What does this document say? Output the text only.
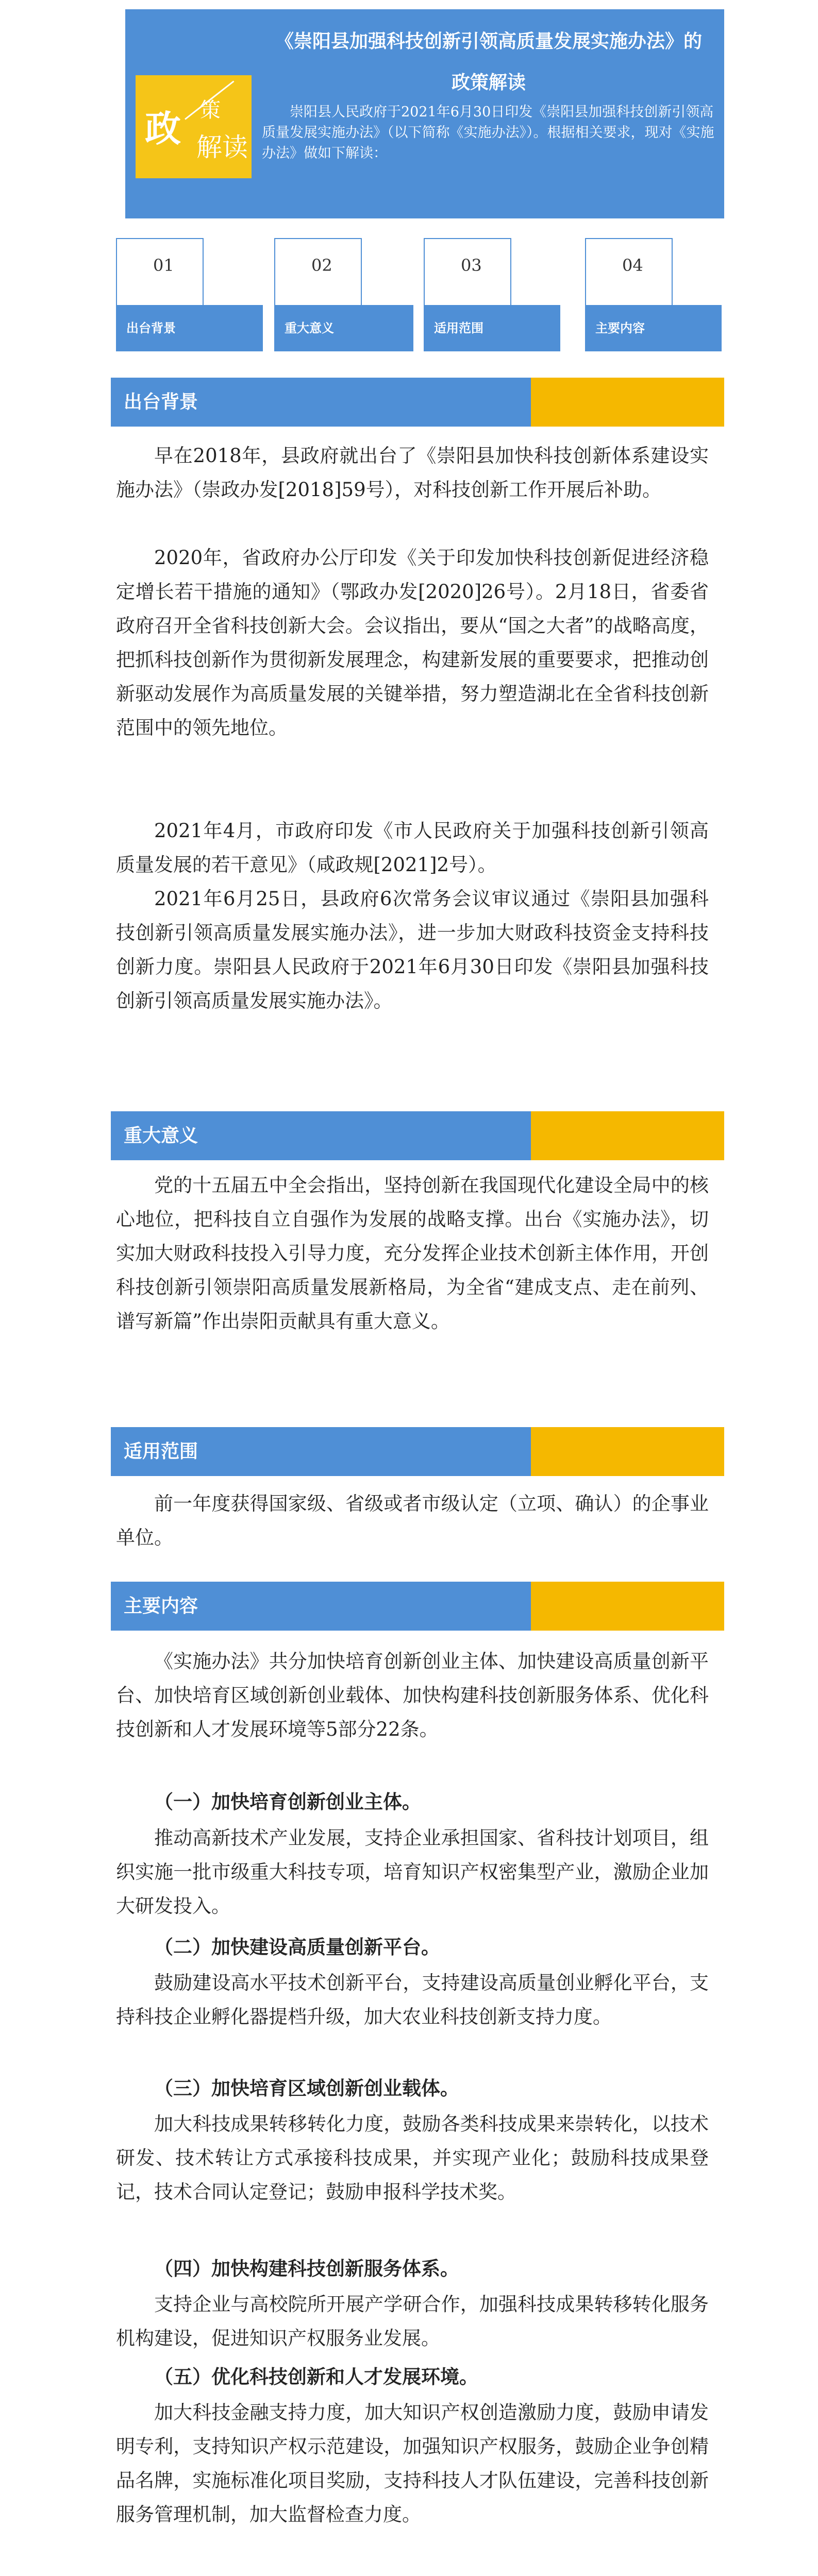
政 策
解读
《崇阳县加强科技创新引领高质量发展实施办法》的
政策解读
崇阳县人民政府于2021年6月30日印发《崇阳县加强科技创新引领高质量发展实施办法》（以下简称《实施办法》）。根据相关要求，现对《实施办法》做如下解读：
01
出台背景
02
重大意义
03
适用范围
04
主要内容
出台背景
早在2018年，县政府就出台了《崇阳县加快科技创新体系建设实施办法》（崇政办发[2018]59号），对科技创新工作开展后补助。
2020年，省政府办公厅印发《关于印发加快科技创新促进经济稳定增长若干措施的通知》（鄂政办发[2020]26号）。2月18日，省委省政府召开全省科技创新大会。会议指出，要从“国之大者”的战略高度，把抓科技创新作为贯彻新发展理念，构建新发展的重要要求，把推动创新驱动发展作为高质量发展的关键举措，努力塑造湖北在全省科技创新范围中的领先地位。
2021年4月，市政府印发《市人民政府关于加强科技创新引领高质量发展的若干意见》（咸政规[2021]2号）。
2021年6月25日，县政府6次常务会议审议通过《崇阳县加强科技创新引领高质量发展实施办法》，进一步加大财政科技资金支持科技创新力度。崇阳县人民政府于2021年6月30日印发《崇阳县加强科技创新引领高质量发展实施办法》。
重大意义
党的十五届五中全会指出，坚持创新在我国现代化建设全局中的核心地位，把科技自立自强作为发展的战略支撑。出台《实施办法》，切实加大财政科技投入引导力度，充分发挥企业技术创新主体作用，开创科技创新引领崇阳高质量发展新格局，为全省“建成支点、走在前列、谱写新篇”作出崇阳贡献具有重大意义。
适用范围
前一年度获得国家级、省级或者市级认定（立项、确认）的企事业单位。
主要内容
《实施办法》共分加快培育创新创业主体、加快建设高质量创新平台、加快培育区域创新创业载体、加快构建科技创新服务体系、优化科技创新和人才发展环境等5部分22条。
（一）加快培育创新创业主体。
推动高新技术产业发展，支持企业承担国家、省科技计划项目，组织实施一批市级重大科技专项，培育知识产权密集型产业，激励企业加大研发投入。
（二）加快建设高质量创新平台。
鼓励建设高水平技术创新平台，支持建设高质量创业孵化平台，支持科技企业孵化器提档升级，加大农业科技创新支持力度。
（三）加快培育区域创新创业载体。
加大科技成果转移转化力度，鼓励各类科技成果来崇转化，以技术研发、技术转让方式承接科技成果，并实现产业化；鼓励科技成果登记，技术合同认定登记；鼓励申报科学技术奖。
（四）加快构建科技创新服务体系。
支持企业与高校院所开展产学研合作，加强科技成果转移转化服务机构建设，促进知识产权服务业发展。
（五）优化科技创新和人才发展环境。
加大科技金融支持力度，加大知识产权创造激励力度，鼓励申请发明专利，支持知识产权示范建设，加强知识产权服务，鼓励企业争创精品名牌，实施标准化项目奖励，支持科技人才队伍建设，完善科技创新服务管理机制，加大监督检查力度。
